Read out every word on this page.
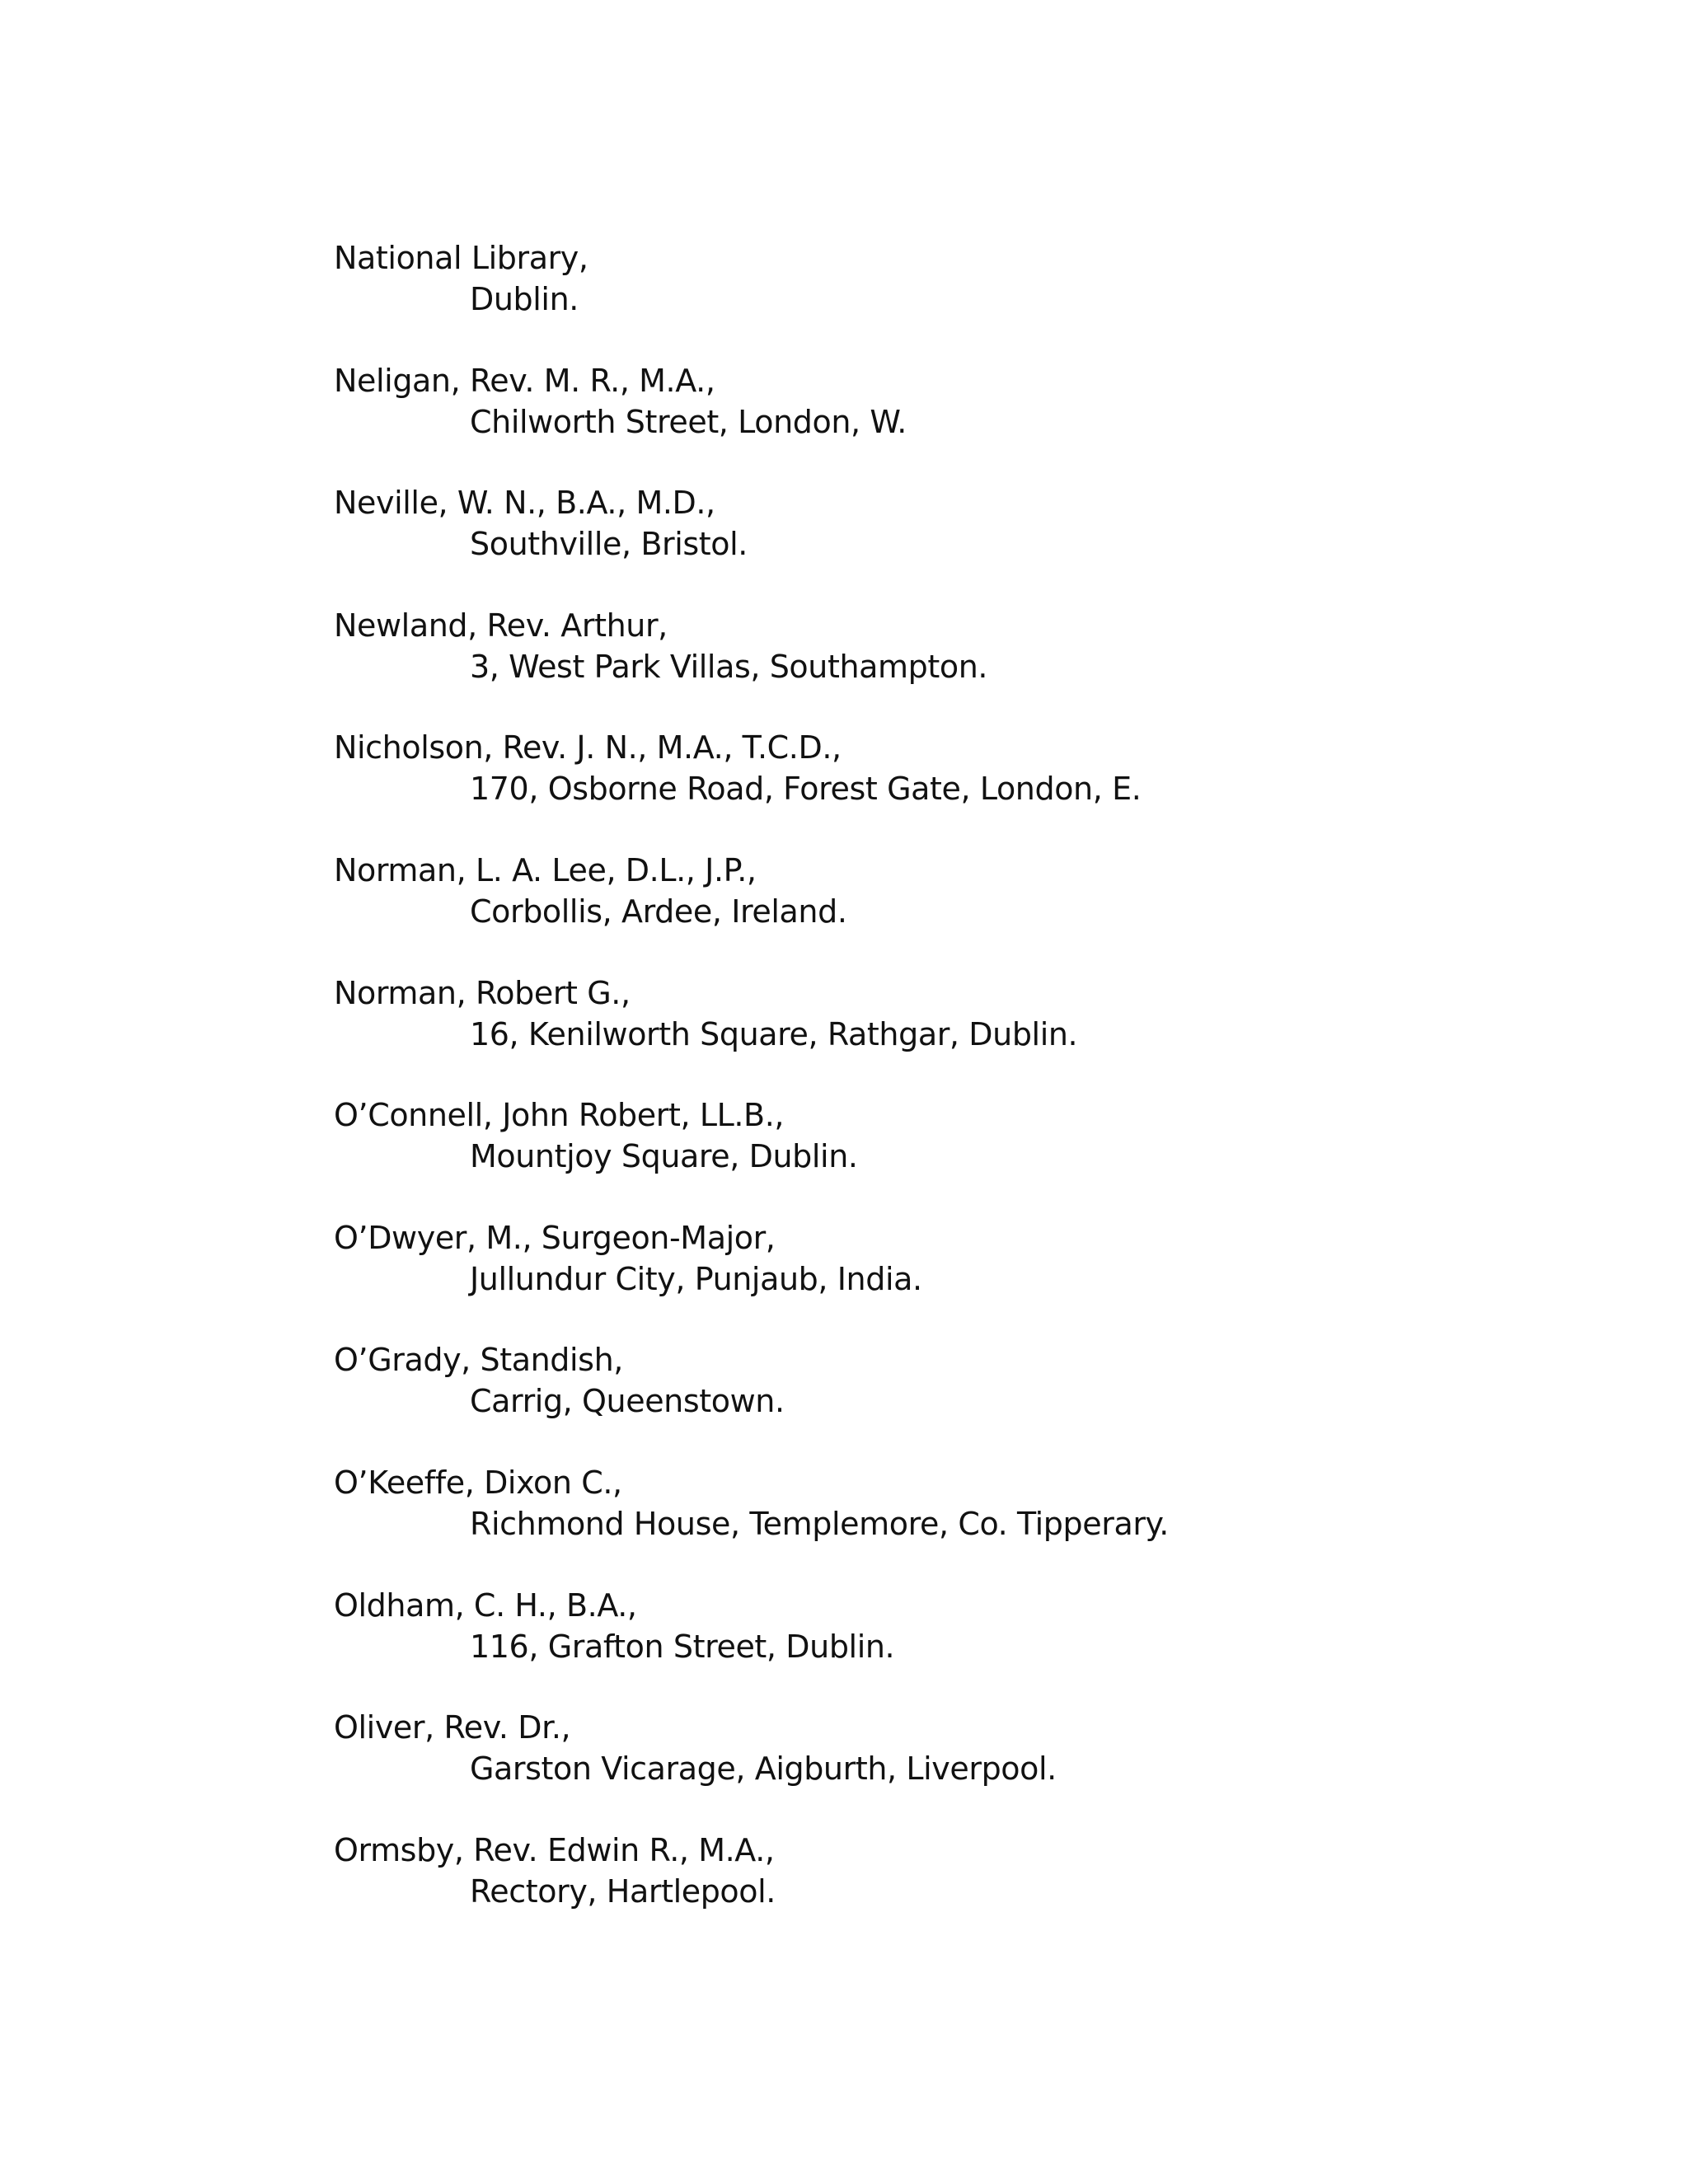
National Library,
Dublin.
Neligan, Rev. M. R., M.A.,
Chilworth Street, London, W.
Neville, W. N., B.A., M.D.,
Southville, Bristol.
Newland, Rev. Arthur,
3, West Park Villas, Southampton.
Nicholson, Rev. J. N., M.A., T.C.D.,
170, Osborne Road, Forest Gate, London, E.
Norman, L. A. Lee, D.L., J.P.,
Corbollis, Ardee, Ireland.
Norman, Robert G.,
16, Kenilworth Square, Rathgar, Dublin.
O’Connell, John Robert, LL.B.,
Mountjoy Square, Dublin.
O’Dwyer, M., Surgeon-Major,
Jullundur City, Punjaub, India.
O’Grady, Standish,
Carrig, Queenstown.
O’Keeffe, Dixon C.,
Richmond House, Templemore, Co. Tipperary.
Oldham, C. H., B.A.,
116, Grafton Street, Dublin.
Oliver, Rev. Dr.,
Garston Vicarage, Aigburth, Liverpool.
Ormsby, Rev. Edwin R., M.A.,
Rectory, Hartlepool.
